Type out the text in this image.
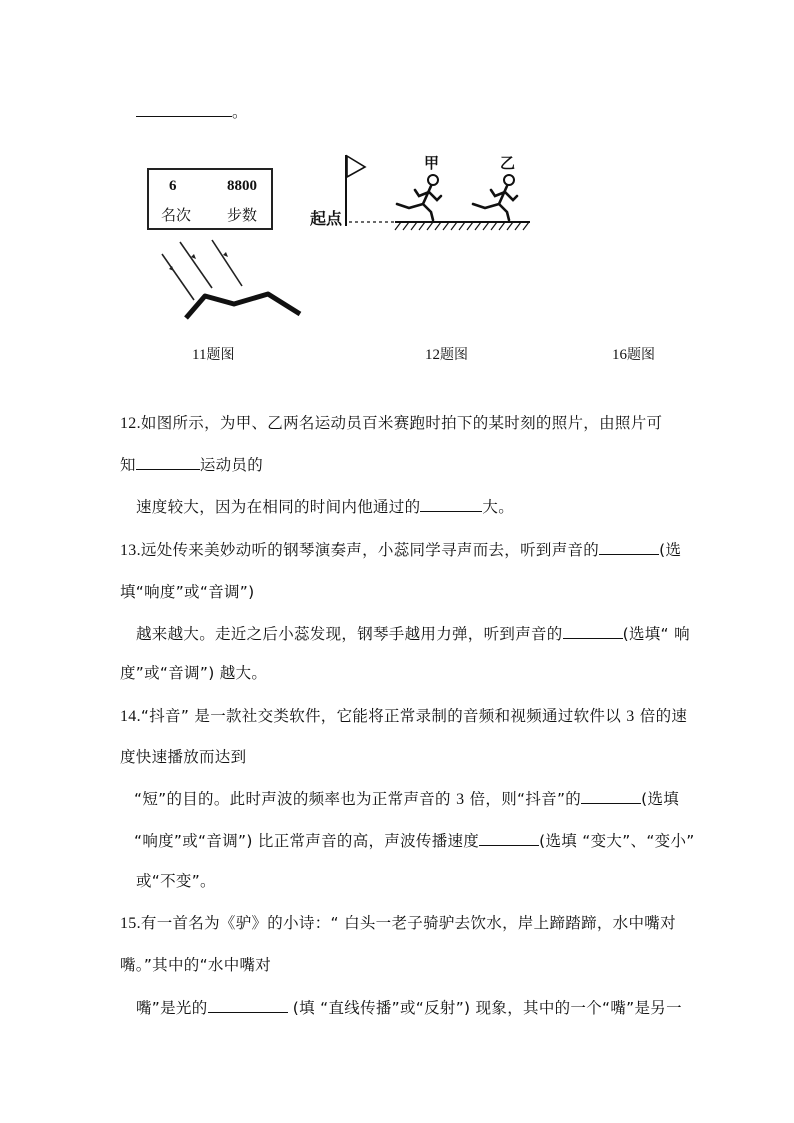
。
6	8800
名次 步数
甲	乙
起点
11题图	12题图	16题图
12.如图所示，为甲、乙两名运动员百米赛跑时拍下的某时刻的照片，由照片可
知	运动员的
速度较大，因为在相同的时间内他通过的	大。
13.远处传来美妙动听的钢琴演奏声，小蕊同学寻声而去，听到声音的	(选
填“响度”或“音调”)
越来越大。走近之后小蕊发现，钢琴手越用力弹，听到声音的	(选填“ 响
度”或“音调”) 越大。
14.“抖音” 是一款社交类软件，它能将正常录制的音频和视频通过软件以 3 倍的速
度快速播放而达到
“短”的目的。此时声波的频率也为正常声音的 3 倍，则“抖音”的	(选填
“响度”或“音调”) 比正常声音的高，声波传播速度	(选填 “变大”、“变小”
或“不变”。
15.有一首名为《驴》的小诗：“ 白头一老子骑驴去饮水，岸上蹄踏蹄，水中嘴对
嘴。”其中的“水中嘴对
嘴”是光的	(填 “直线传播”或“反射”) 现象，其中的一个“嘴”是另一
